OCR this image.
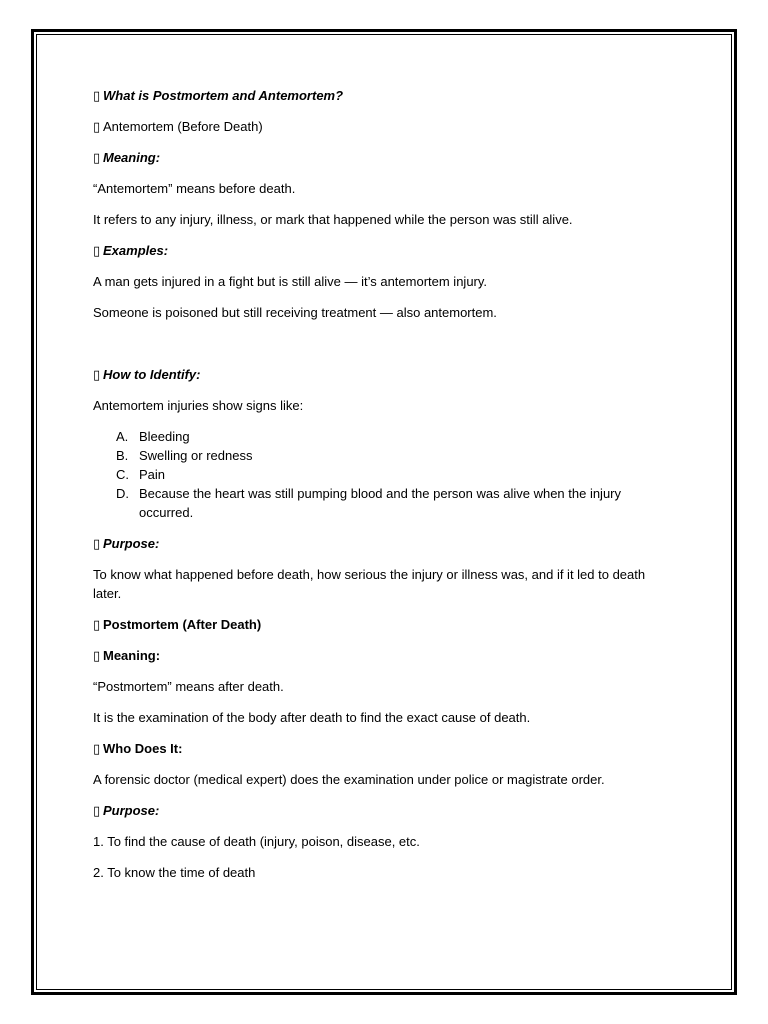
▯ What is Postmortem and Antemortem?
▯ Antemortem (Before Death)
▯ Meaning:
“Antemortem” means before death.
It refers to any injury, illness, or mark that happened while the person was still alive.
▯ Examples:
A man gets injured in a fight but is still alive — it’s antemortem injury.
Someone is poisoned but still receiving treatment — also antemortem.
▯ How to Identify:
Antemortem injuries show signs like:
A. Bleeding
B. Swelling or redness
C. Pain
D. Because the heart was still pumping blood and the person was alive when the injury occurred.
▯ Purpose:
To know what happened before death, how serious the injury or illness was, and if it led to death later.
▯ Postmortem (After Death)
▯ Meaning:
“Postmortem” means after death.
It is the examination of the body after death to find the exact cause of death.
▯ Who Does It:
A forensic doctor (medical expert) does the examination under police or magistrate order.
▯ Purpose:
1. To find the cause of death (injury, poison, disease, etc.
2. To know the time of death
